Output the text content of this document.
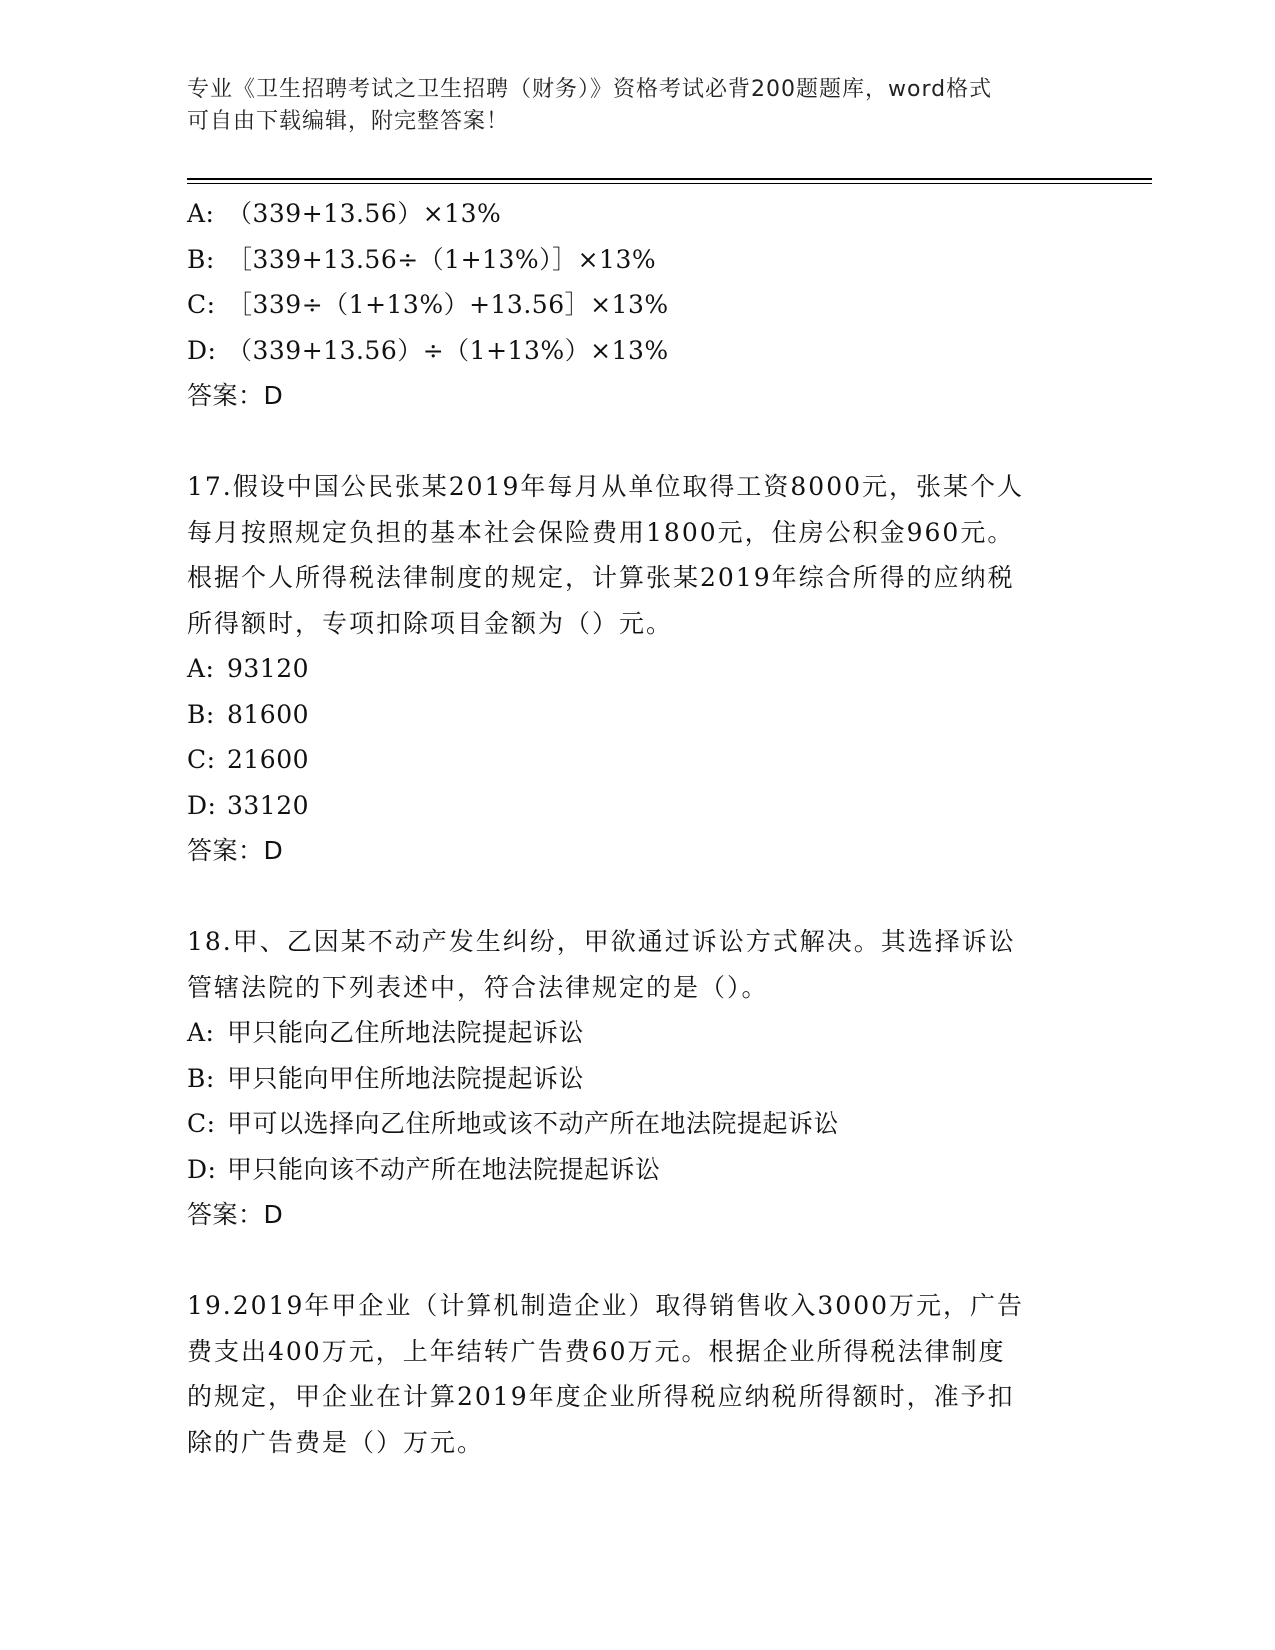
专业《卫生招聘考试之卫生招聘（财务）》资格考试必背200题题库，word格式
可自由下载编辑，附完整答案！

A: （339+13.56）×13%

B: ［339+13.56÷（1+13%）］×13%

C: ［339÷（1+13%）+13.56］×13%

D: （339+13.56）÷（1+13%）×13%

答案：D

17.假设中国公民张某2019年每月从单位取得工资8000元，张某个人

每月按照规定负担的基本社会保险费用1800元，住房公积金960元。

根据个人所得税法律制度的规定，计算张某2019年综合所得的应纳税

所得额时，专项扣除项目金额为（）元。

A: 93120

B: 81600

C: 21600

D: 33120

答案：D

18.甲、乙因某不动产发生纠纷，甲欲通过诉讼方式解决。其选择诉讼

管辖法院的下列表述中，符合法律规定的是（）。

A: 甲只能向乙住所地法院提起诉讼

B: 甲只能向甲住所地法院提起诉讼

C: 甲可以选择向乙住所地或该不动产所在地法院提起诉讼

D: 甲只能向该不动产所在地法院提起诉讼

答案：D

19.2019年甲企业（计算机制造企业）取得销售收入3000万元，广告

费支出400万元，上年结转广告费60万元。根据企业所得税法律制度

的规定，甲企业在计算2019年度企业所得税应纳税所得额时，准予扣

除的广告费是（）万元。
